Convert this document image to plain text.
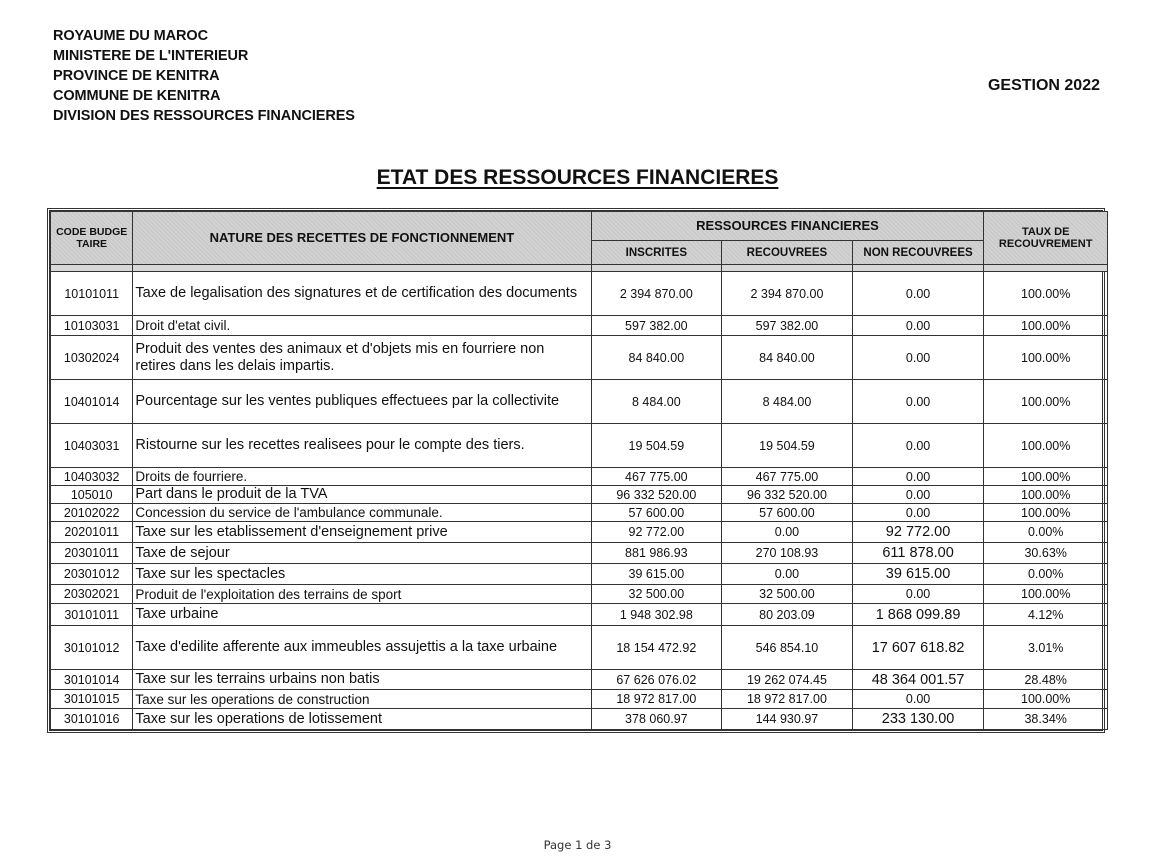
ROYAUME DU MAROC
MINISTERE DE L'INTERIEUR
PROVINCE DE KENITRA
COMMUNE DE KENITRA
DIVISION DES RESSOURCES FINANCIERES
GESTION 2022
ETAT DES RESSOURCES FINANCIERES
CODE BUDGETAIRE	NATURE DES RECETTES DE FONCTIONNEMENT	RESSOURCES FINANCIERES			TAUX DE RECOUVREMENT
		INSCRITES	RECOUVREES	NON RECOUVREES	

10101011	Taxe de legalisation des signatures et de certification des documents	2 394 870.00	2 394 870.00	0.00	100.00%
10103031	Droit d'etat civil.	597 382.00	597 382.00	0.00	100.00%
10302024	Produit des ventes des animaux et d'objets mis en fourriere non retires dans les delais impartis.	84 840.00	84 840.00	0.00	100.00%
10401014	Pourcentage sur les ventes publiques effectuees par la collectivite	8 484.00	8 484.00	0.00	100.00%
10403031	Ristourne sur les recettes realisees pour le compte des tiers.	19 504.59	19 504.59	0.00	100.00%
10403032	Droits de fourriere.	467 775.00	467 775.00	0.00	100.00%
105010	Part dans le produit de la TVA	96 332 520.00	96 332 520.00	0.00	100.00%
20102022	Concession du service de l'ambulance communale.	57 600.00	57 600.00	0.00	100.00%
20201011	Taxe sur les etablissement d'enseignement prive	92 772.00	0.00	92 772.00	0.00%
20301011	Taxe de sejour	881 986.93	270 108.93	611 878.00	30.63%
20301012	Taxe sur les spectacles	39 615.00	0.00	39 615.00	0.00%
20302021	Produit de l'exploitation des terrains de sport	32 500.00	32 500.00	0.00	100.00%
30101011	Taxe urbaine	1 948 302.98	80 203.09	1 868 099.89	4.12%
30101012	Taxe d'edilite afferente aux immeubles assujettis a la taxe urbaine	18 154 472.92	546 854.10	17 607 618.82	3.01%
30101014	Taxe sur les terrains urbains non batis	67 626 076.02	19 262 074.45	48 364 001.57	28.48%
30101015	Taxe sur les operations de construction	18 972 817.00	18 972 817.00	0.00	100.00%
30101016	Taxe sur les operations de lotissement	378 060.97	144 930.97	233 130.00	38.34%
Page 1 de 3
